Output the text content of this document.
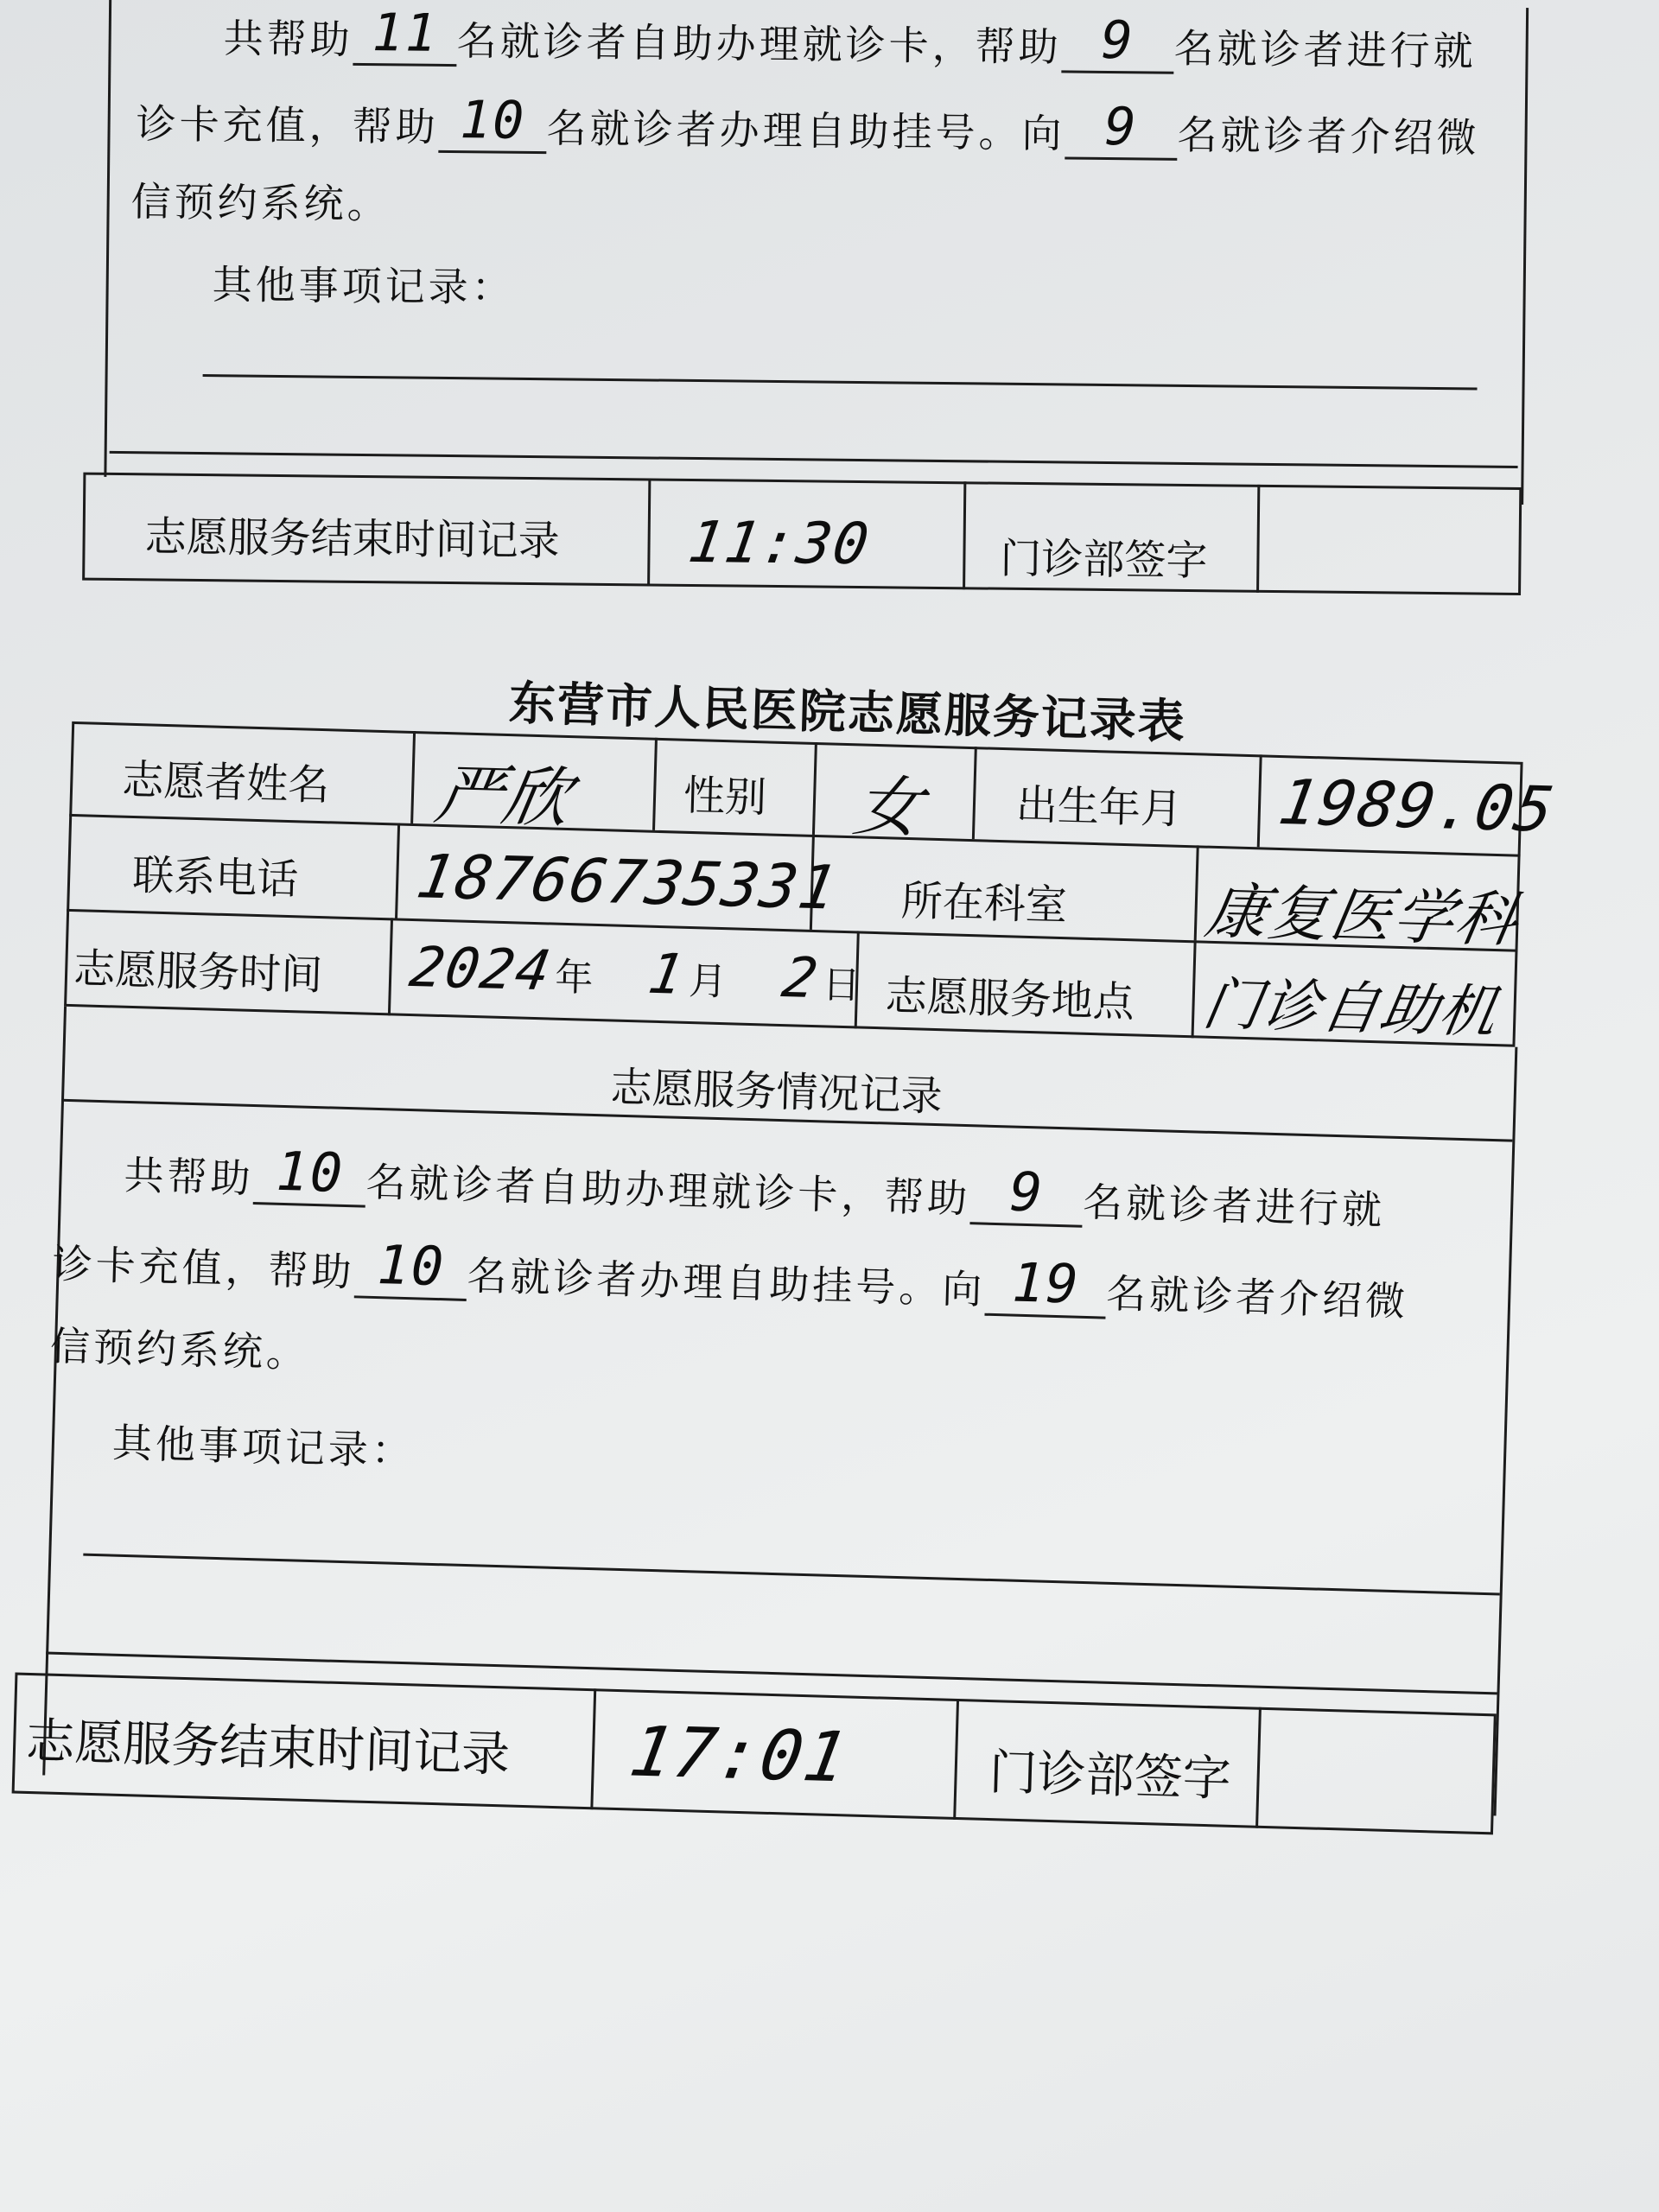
共帮助 11 名就诊者自助办理就诊卡，帮助 9 名就诊者进行就
诊卡充值，帮助 10 名就诊者办理自助挂号。向 9 名就诊者介绍微
信预约系统。
其他事项记录：
志愿服务结束时间记录 11:30	门诊部签字
东营市人民医院志愿服务记录表
志愿者姓名 严欣	性别 女 出生年月 1989.05
联系电话 18766735331 所在科室 康复医学科
志愿服务时间 2024 年 1 月 2 日 志愿服务地点 门诊自助机
志愿服务情况记录
共帮助 10 名就诊者自助办理就诊卡，帮助 9 名就诊者进行就
诊卡充值，帮助 10 名就诊者办理自助挂号。向 19 名就诊者介绍微
信预约系统。
其他事项记录：
志愿服务结束时间记录 17:01	门诊部签字
